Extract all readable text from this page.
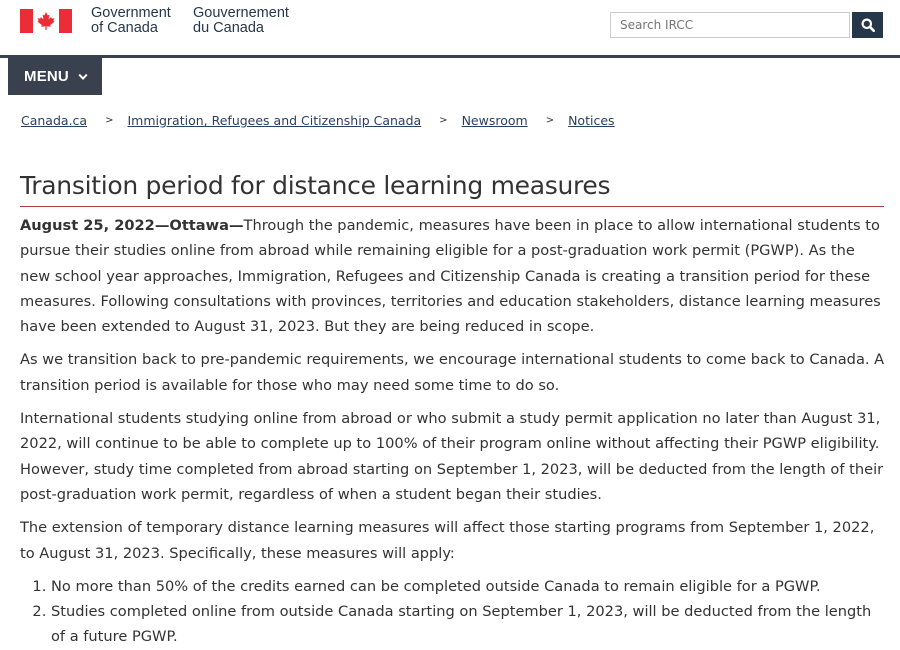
Government
of Canada
Gouvernement
du Canada
Search IRCC
MENU
Canada.ca > Immigration, Refugees and Citizenship Canada > Newsroom > Notices
Transition period for distance learning measures

August 25, 2022—Ottawa—Through the pandemic, measures have been in place to allow international students to pursue their studies online from abroad while remaining eligible for a post-graduation work permit (PGWP). As the new school year approaches, Immigration, Refugees and Citizenship Canada is creating a transition period for these measures. Following consultations with provinces, territories and education stakeholders, distance learning measures have been extended to August 31, 2023. But they are being reduced in scope.

As we transition back to pre-pandemic requirements, we encourage international students to come back to Canada. A transition period is available for those who may need some time to do so.

International students studying online from abroad or who submit a study permit application no later than August 31, 2022, will continue to be able to complete up to 100% of their program online without affecting their PGWP eligibility. However, study time completed from abroad starting on September 1, 2023, will be deducted from the length of their post-graduation work permit, regardless of when a student began their studies.

The extension of temporary distance learning measures will affect those starting programs from September 1, 2022, to August 31, 2023. Specifically, these measures will apply:

1. No more than 50% of the credits earned can be completed outside Canada to remain eligible for a PGWP.
2. Studies completed online from outside Canada starting on September 1, 2023, will be deducted from the length of a future PGWP.
